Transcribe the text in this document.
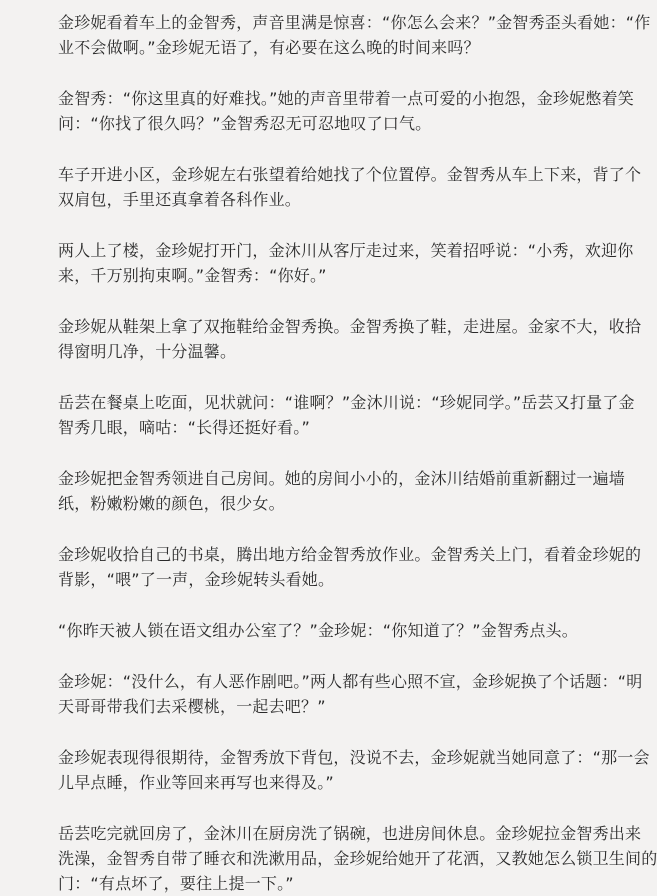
金珍妮看着车上的金智秀，声音里满是惊喜：“你怎么会来？”金智秀歪头看她：“作
业不会做啊。”金珍妮无语了，有必要在这么晚的时间来吗？
金智秀：“你这里真的好难找。”她的声音里带着一点可爱的小抱怨，金珍妮憋着笑
问：“你找了很久吗？”金智秀忍无可忍地叹了口气。
车子开进小区，金珍妮左右张望着给她找了个位置停。金智秀从车上下来，背了个
双肩包，手里还真拿着各科作业。
两人上了楼，金珍妮打开门，金沐川从客厅走过来，笑着招呼说：“小秀，欢迎你
来，千万别拘束啊。”金智秀：“你好。”
金珍妮从鞋架上拿了双拖鞋给金智秀换。金智秀换了鞋，走进屋。金家不大，收拾
得窗明几净，十分温馨。
岳芸在餐桌上吃面，见状就问：“谁啊？”金沐川说：“珍妮同学。”岳芸又打量了金
智秀几眼，嘀咕：“长得还挺好看。”
金珍妮把金智秀领进自己房间。她的房间小小的，金沐川结婚前重新翻过一遍墙
纸，粉嫩粉嫩的颜色，很少女。
金珍妮收拾自己的书桌，腾出地方给金智秀放作业。金智秀关上门，看着金珍妮的
背影，“喂”了一声，金珍妮转头看她。
“你昨天被人锁在语文组办公室了？”金珍妮：“你知道了？”金智秀点头。
金珍妮：“没什么，有人恶作剧吧。”两人都有些心照不宣，金珍妮换了个话题：“明
天哥哥带我们去采樱桃，一起去吧？”
金珍妮表现得很期待，金智秀放下背包，没说不去，金珍妮就当她同意了：“那一会
儿早点睡，作业等回来再写也来得及。”
岳芸吃完就回房了，金沐川在厨房洗了锅碗，也进房间休息。金珍妮拉金智秀出来
洗澡，金智秀自带了睡衣和洗漱用品，金珍妮给她开了花洒，又教她怎么锁卫生间的
门：“有点坏了，要往上提一下。”
